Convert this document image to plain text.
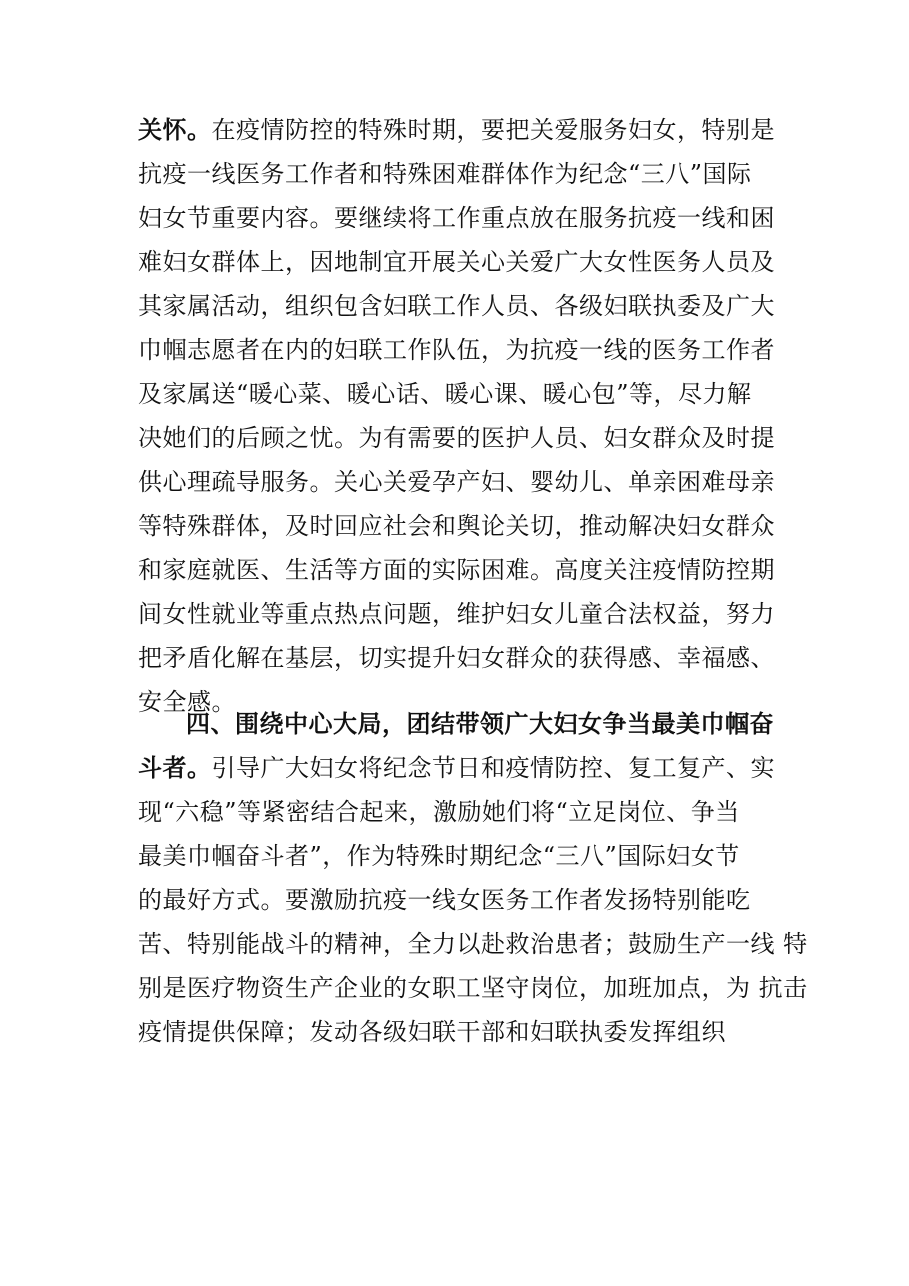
关怀。在疫情防控的特殊时期，要把关爱服务妇女，特别是
抗疫一线医务工作者和特殊困难群体作为纪念“三八”国际
妇女节重要内容。要继续将工作重点放在服务抗疫一线和困
难妇女群体上，因地制宜开展关心关爱广大女性医务人员及
其家属活动，组织包含妇联工作人员、各级妇联执委及广大
巾帼志愿者在内的妇联工作队伍，为抗疫一线的医务工作者
及家属送“暖心菜、暖心话、暖心课、暖心包”等，尽力解
决她们的后顾之忧。为有需要的医护人员、妇女群众及时提
供心理疏导服务。关心关爱孕产妇、婴幼儿、单亲困难母亲
等特殊群体，及时回应社会和舆论关切，推动解决妇女群众
和家庭就医、生活等方面的实际困难。高度关注疫情防控期
间女性就业等重点热点问题，维护妇女儿童合法权益，努力
把矛盾化解在基层，切实提升妇女群众的获得感、幸福感、
安全感。
四、围绕中心大局，团结带领广大妇女争当最美巾帼奋
斗者。引导广大妇女将纪念节日和疫情防控、复工复产、实
现“六稳”等紧密结合起来，激励她们将“立足岗位、争当
最美巾帼奋斗者”，作为特殊时期纪念“三八”国际妇女节
的最好方式。要激励抗疫一线女医务工作者发扬特别能吃
苦、特别能战斗的精神，全力以赴救治患者；鼓励生产一线 特
别是医疗物资生产企业的女职工坚守岗位，加班加点，为 抗击
疫情提供保障；发动各级妇联干部和妇联执委发挥组织
